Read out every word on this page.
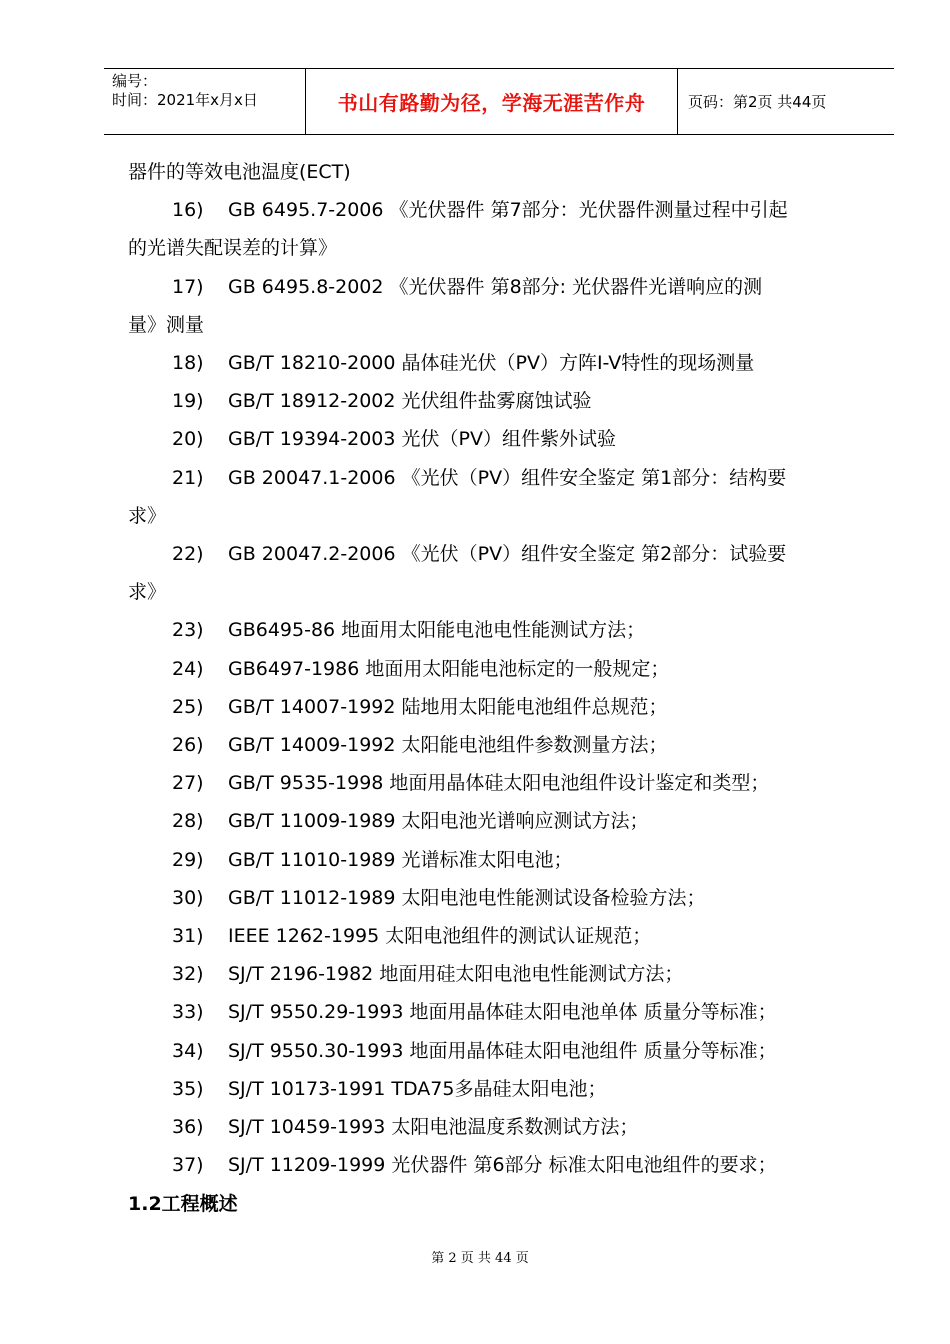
编号：
时间：2021年x月x日	书山有路勤为径，学海无涯苦作舟	页码：第2页 共44页
器件的等效电池温度(ECT)
16) GB 6495.7-2006 《光伏器件 第7部分：光伏器件测量过程中引起
的光谱失配误差的计算》
17) GB 6495.8-2002 《光伏器件 第8部分: 光伏器件光谱响应的测
量》测量
18) GB/T 18210-2000 晶体硅光伏（PV）方阵I-V特性的现场测量
19) GB/T 18912-2002 光伏组件盐雾腐蚀试验
20) GB/T 19394-2003 光伏（PV）组件紫外试验
21) GB 20047.1-2006 《光伏（PV）组件安全鉴定 第1部分：结构要
求》
22) GB 20047.2-2006 《光伏（PV）组件安全鉴定 第2部分：试验要
求》
23) GB6495-86 地面用太阳能电池电性能测试方法；
24) GB6497-1986 地面用太阳能电池标定的一般规定；
25) GB/T 14007-1992 陆地用太阳能电池组件总规范；
26) GB/T 14009-1992 太阳能电池组件参数测量方法；
27) GB/T 9535-1998 地面用晶体硅太阳电池组件设计鉴定和类型；
28) GB/T 11009-1989 太阳电池光谱响应测试方法；
29) GB/T 11010-1989 光谱标准太阳电池；
30) GB/T 11012-1989 太阳电池电性能测试设备检验方法；
31) IEEE 1262-1995 太阳电池组件的测试认证规范；
32) SJ/T 2196-1982 地面用硅太阳电池电性能测试方法；
33) SJ/T 9550.29-1993 地面用晶体硅太阳电池单体 质量分等标准；
34) SJ/T 9550.30-1993 地面用晶体硅太阳电池组件 质量分等标准；
35) SJ/T 10173-1991 TDA75多晶硅太阳电池；
36) SJ/T 10459-1993 太阳电池温度系数测试方法；
37) SJ/T 11209-1999 光伏器件 第6部分 标准太阳电池组件的要求；
1.2工程概述
第 2 页 共 44 页
